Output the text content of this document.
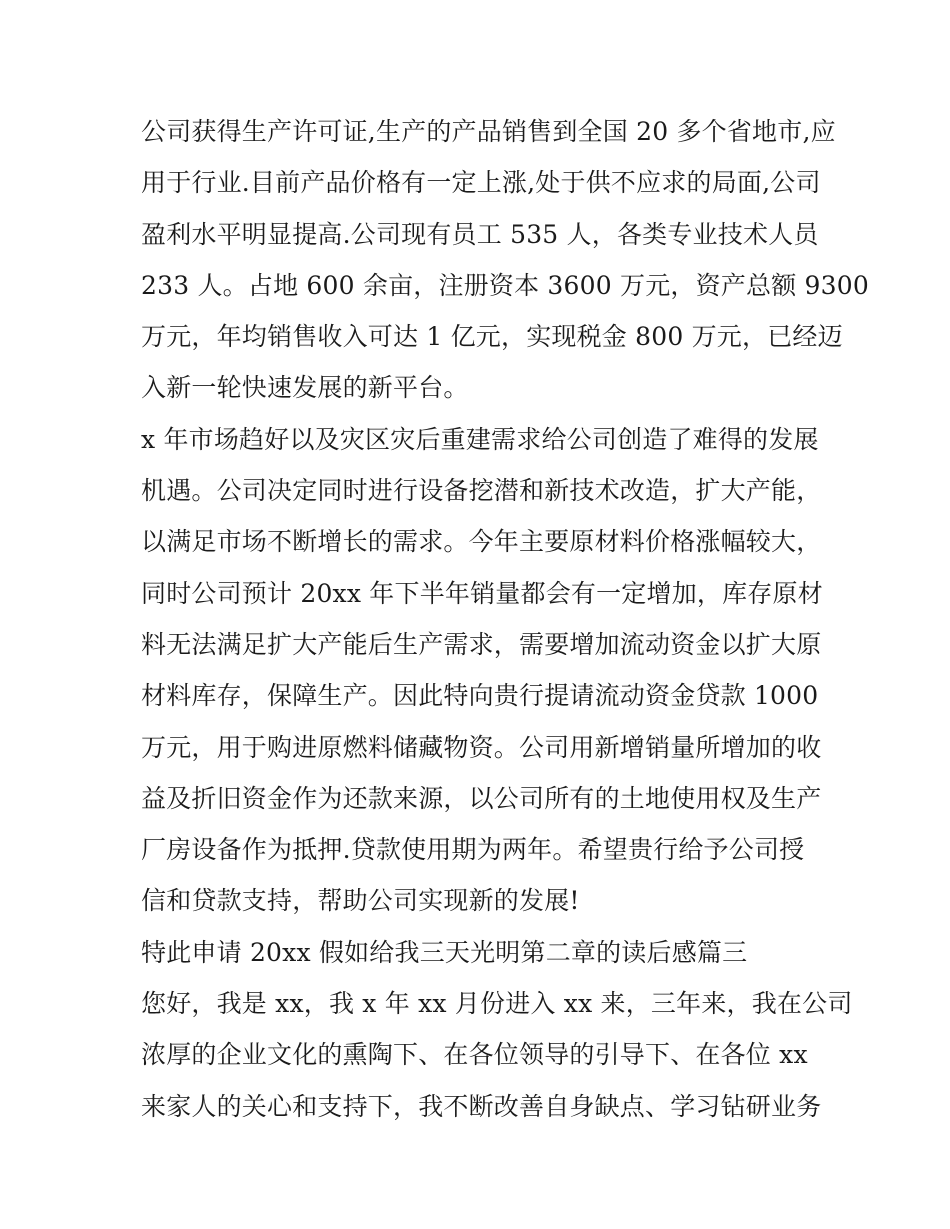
公司获得生产许可证,生产的产品销售到全国 20 多个省地市,应
用于行业.目前产品价格有一定上涨,处于供不应求的局面,公司
盈利水平明显提高.公司现有员工 535 人，各类专业技术人员
233 人。占地 600 余亩，注册资本 3600 万元，资产总额 9300
万元，年均销售收入可达 1 亿元，实现税金 800 万元，已经迈
入新一轮快速发展的新平台。
x 年市场趋好以及灾区灾后重建需求给公司创造了难得的发展
机遇。公司决定同时进行设备挖潜和新技术改造，扩大产能，
以满足市场不断增长的需求。今年主要原材料价格涨幅较大，
同时公司预计 20xx 年下半年销量都会有一定增加，库存原材
料无法满足扩大产能后生产需求，需要增加流动资金以扩大原
材料库存，保障生产。因此特向贵行提请流动资金贷款 1000
万元，用于购进原燃料储藏物资。公司用新增销量所增加的收
益及折旧资金作为还款来源，以公司所有的土地使用权及生产
厂房设备作为抵押.贷款使用期为两年。希望贵行给予公司授
信和贷款支持，帮助公司实现新的发展!
特此申请 20xx 假如给我三天光明第二章的读后感篇三
您好，我是 xx，我 x 年 xx 月份进入 xx 来，三年来，我在公司
浓厚的企业文化的熏陶下、在各位领导的引导下、在各位 xx
来家人的关心和支持下，我不断改善自身缺点、学习钻研业务
